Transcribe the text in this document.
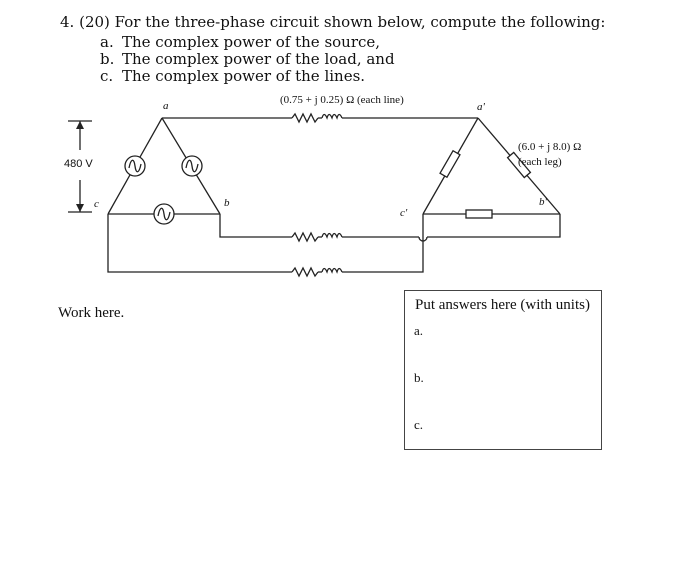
4. (20) For the three-phase circuit shown below, compute the following:
a. The complex power of the source,
b. The complex power of the load, and
c. The complex power of the lines.
(0.75 + j 0.25) Ω (each line)
(6.0 + j 8.0) Ω
(each leg)
480 V
a
b
c
a'
b'
c'
Work here.	Put answers here (with units)
a.
b.
c.
